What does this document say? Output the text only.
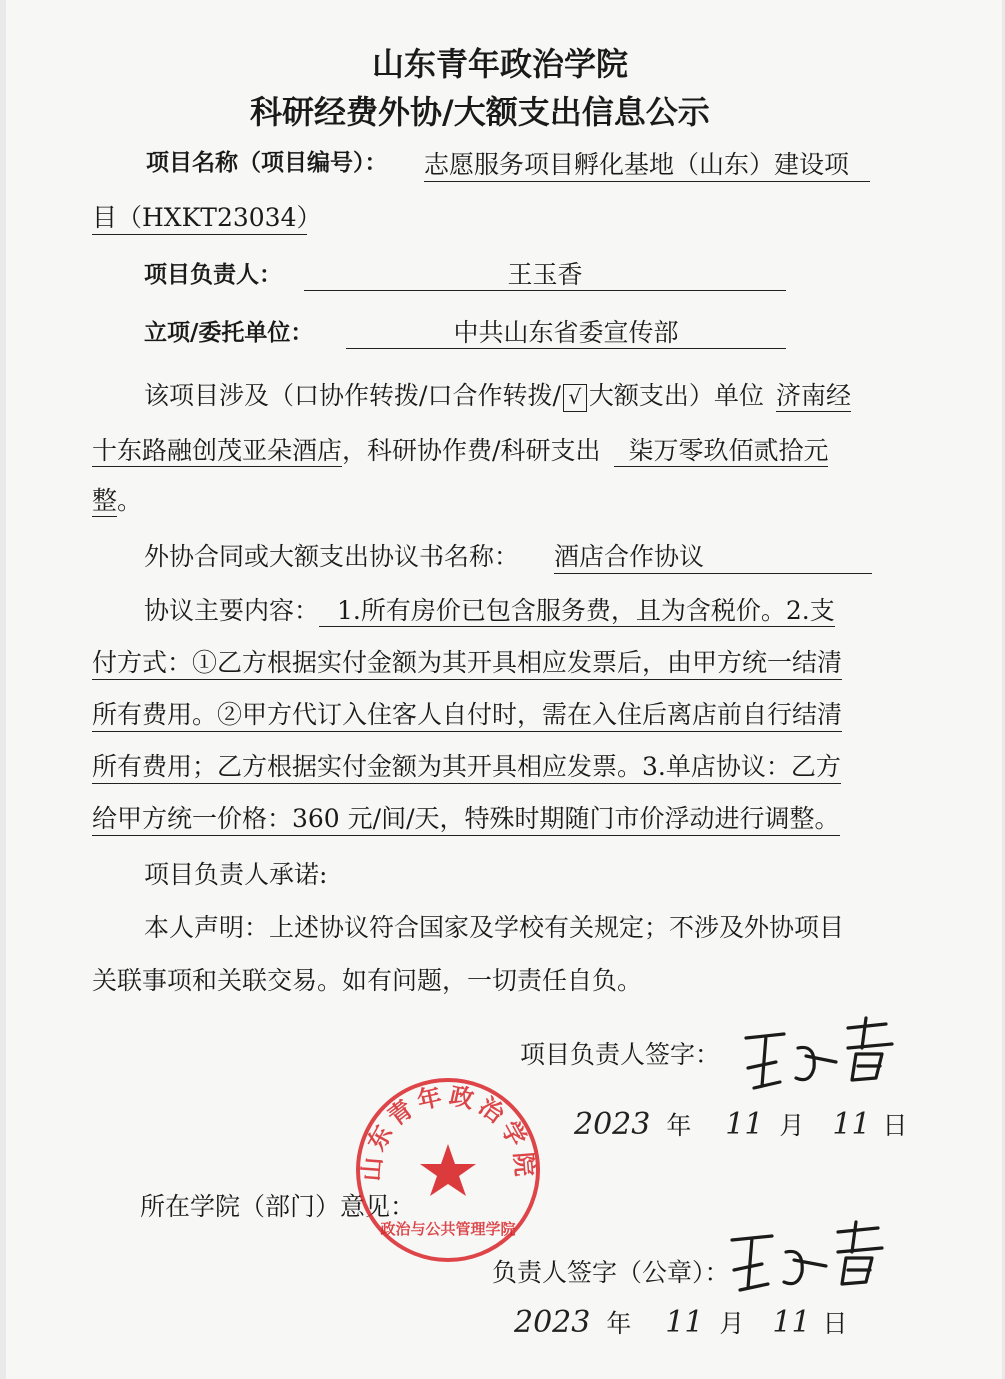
山东青年政治学院
科研经费外协/大额支出信息公示
项目名称（项目编号）： 志愿服务项目孵化基地（山东）建设项
目（HXKT23034）
项目负责人：	王玉香
立项/委托单位：	中共山东省委宣传部
该项目涉及（口协作转拨/口合作转拨/ √ 大额支出）单位 济南经
十东路融创茂亚朵酒店，科研协作费/科研支出 柒万零玖佰贰拾元
整。
外协合同或大额支出协议书名称： 酒店合作协议
协议主要内容： 1.所有房价已包含服务费，且为含税价。2.支
付方式：①乙方根据实付金额为其开具相应发票后，由甲方统一结清
所有费用。②甲方代订入住客人自付时，需在入住后离店前自行结清
所有费用；乙方根据实付金额为其开具相应发票。3.单店协议：乙方
给甲方统一价格：360 元/间/天，特殊时期随门市价浮动进行调整。
项目负责人承诺:
本人声明：上述协议符合国家及学校有关规定；不涉及外协项目
关联事项和关联交易。如有问题，一切责任自负。
项目负责人签字：
2023 年 11 月 11 日
所在学院（部门）意见：
山东青年政治学院
政治与公共管理学院
负责人签字（公章）：
2023 年 11 月 11 日
